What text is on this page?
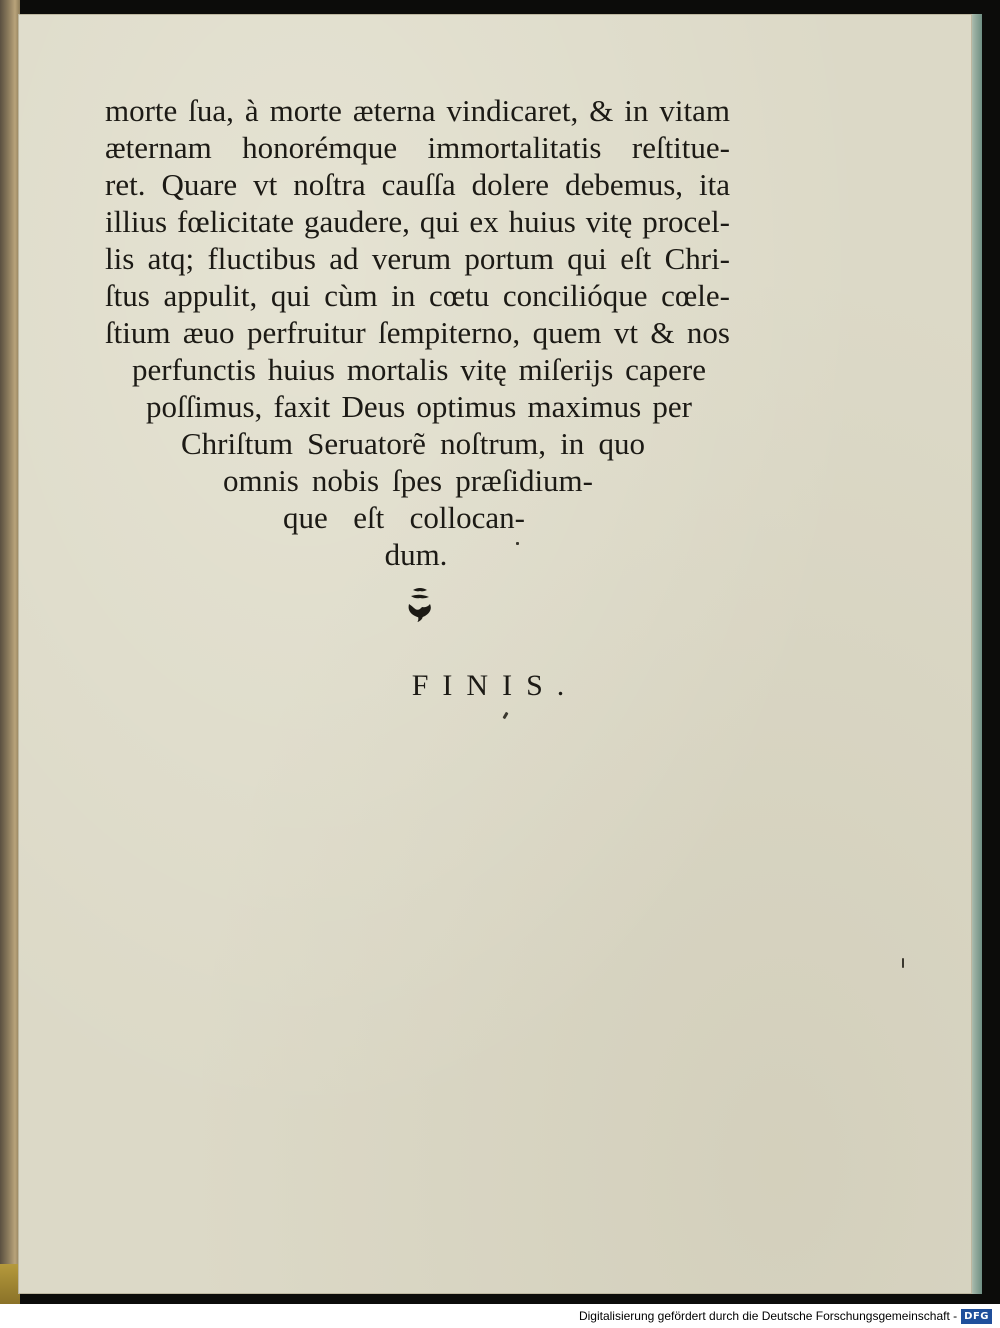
morte ſua, à morte æterna vindicaret, & in vitam
æternam honorémque immortalitatis reſtitue-
ret. Quare vt noſtra cauſſa dolere debemus, ita
illius fœlicitate gaudere, qui ex huius vitę procel-
lis atq; fluctibus ad verum portum qui eſt Chri-
ſtus appulit, qui cùm in cœtu concilióque cœle-
ſtium æuo perfruitur ſempiterno, quem vt & nos
perfunctis huius mortalis vitę miſerijs capere
poſſimus, faxit Deus optimus maximus per
Chriſtum Seruatorẽ noſtrum, in quo
omnis nobis ſpes præſidium-
que eſt collocan-
dum.
FINIS.
Digitalisierung gefördert durch die Deutsche Forschungsgemeinschaft - DFG
